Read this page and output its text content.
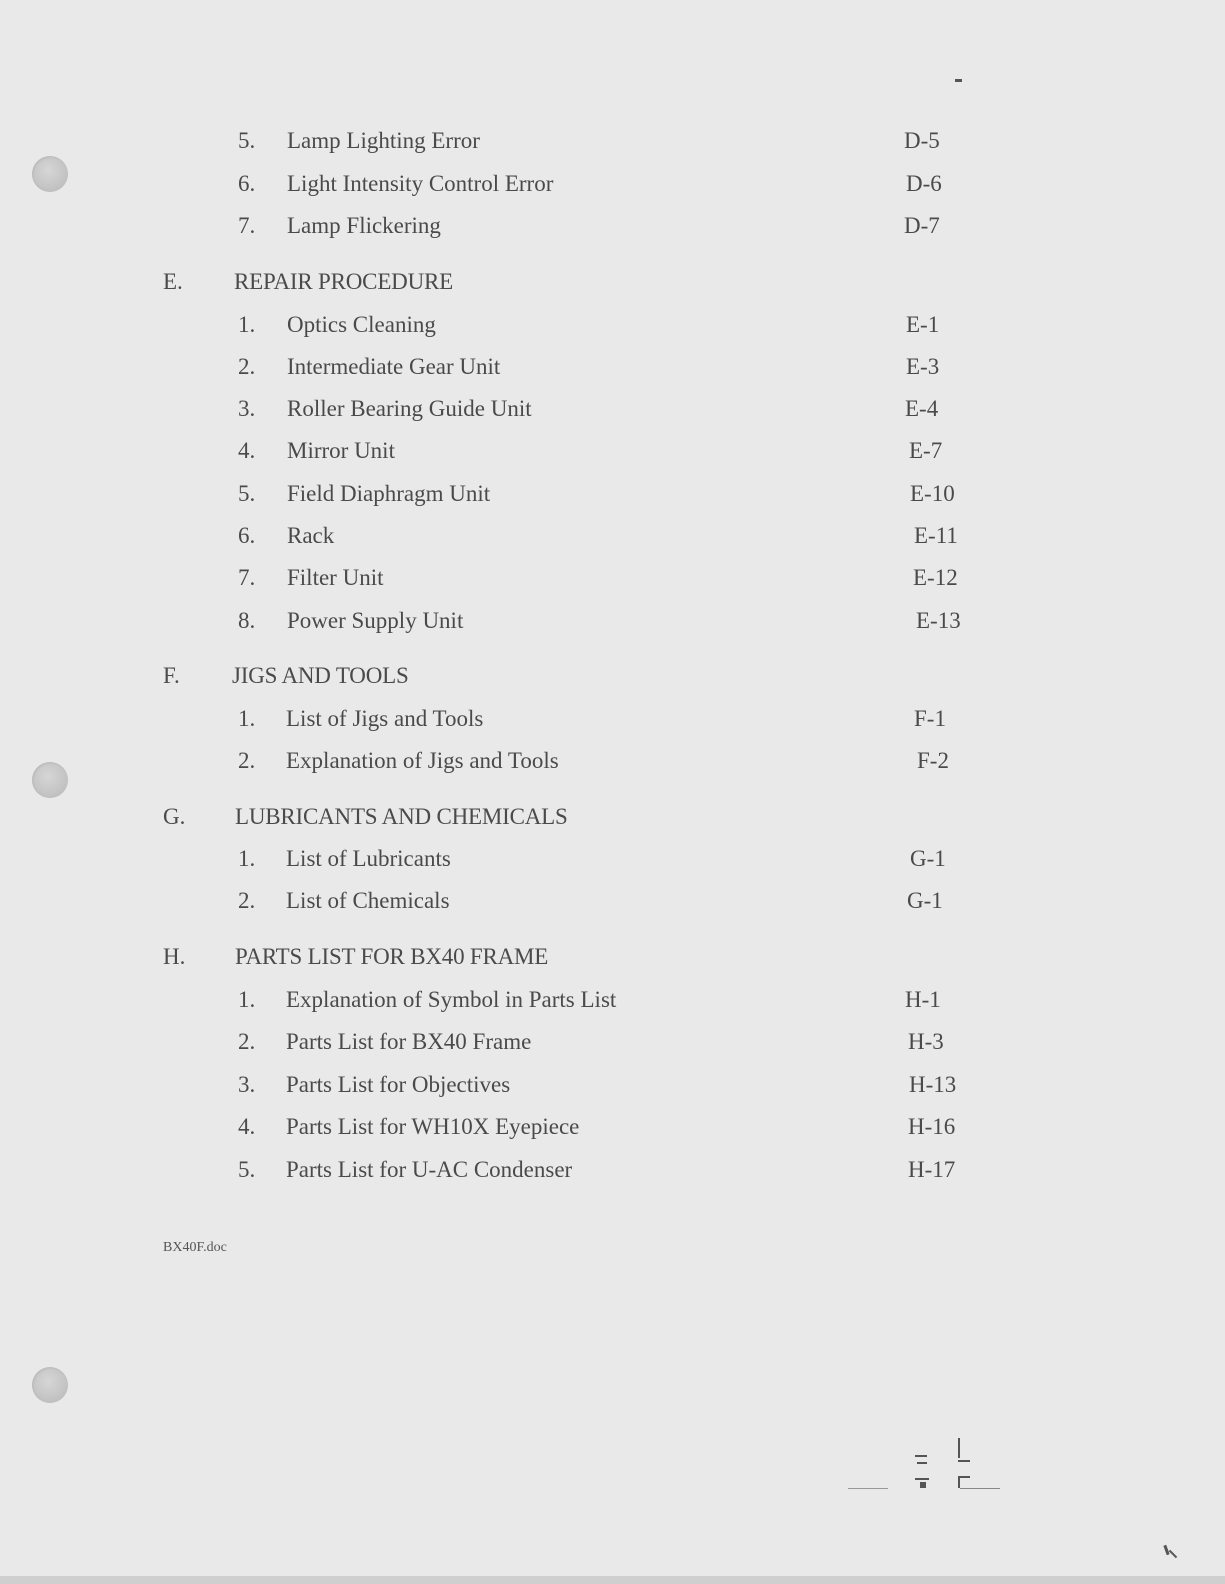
5. Lamp Lighting Error	D-5
6. Light Intensity Control Error	D-6
7. Lamp Flickering	D-7
E. REPAIR PROCEDURE
1. Optics Cleaning	E-1
2. Intermediate Gear Unit	E-3
3. Roller Bearing Guide Unit	E-4
4. Mirror Unit	E-7
5. Field Diaphragm Unit	E-10
6. Rack	E-11
7. Filter Unit	E-12
8. Power Supply Unit	E-13
F. JIGS AND TOOLS
1. List of Jigs and Tools	F-1
2. Explanation of Jigs and Tools	F-2
G. LUBRICANTS AND CHEMICALS
1. List of Lubricants	G-1
2. List of Chemicals	G-1
H. PARTS LIST FOR BX40 FRAME
1. Explanation of Symbol in Parts List	H-1
2. Parts List for BX40 Frame	H-3
3. Parts List for Objectives	H-13
4. Parts List for WH10X Eyepiece	H-16
5. Parts List for U-AC Condenser	H-17
BX40F.doc
